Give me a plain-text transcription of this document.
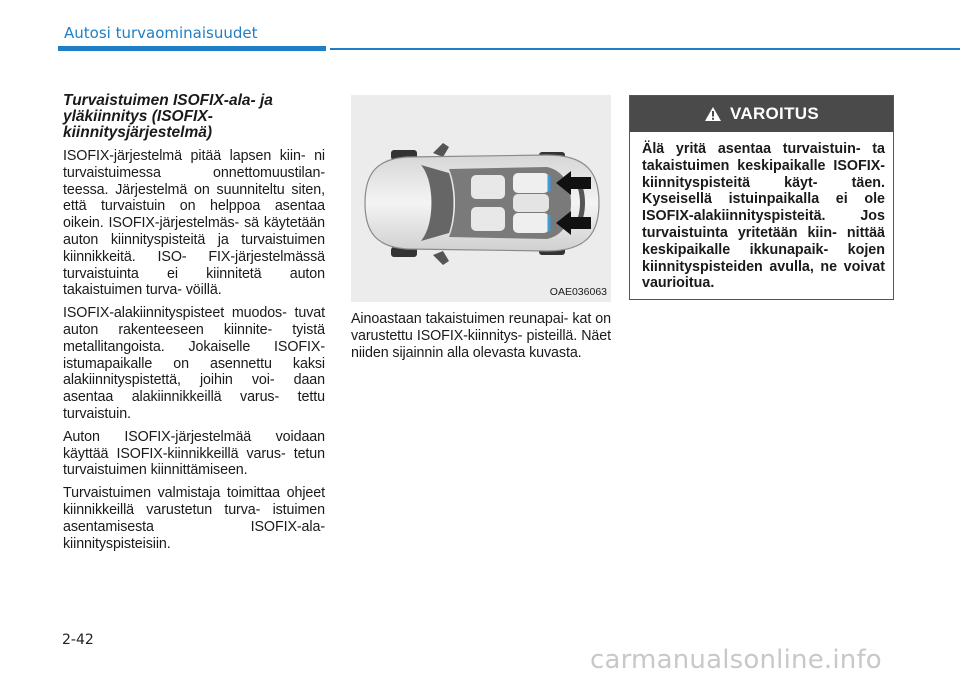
Autosi turvaominaisuudet
Turvaistuimen ISOFIX-ala- ja yläkiinnitys (ISOFIX-kiinnitysjärjestelmä)

ISOFIX-järjestelmä pitää lapsen kiin- ni turvaistuimessa onnettomuustilan- teessa. Järjestelmä on suunniteltu siten, että turvaistuin on helppoa asentaa oikein. ISOFIX-järjestelmäs- sä käytetään auton kiinnityspisteitä ja turvaistuimen kiinnikkeitä. ISO- FIX-järjestelmässä turvaistuinta ei kiinnitetä auton takaistuimen turva- vöillä.

ISOFIX-alakiinnityspisteet muodos- tuvat auton rakenteeseen kiinnite- tyistä metallitangoista. Jokaiselle ISOFIX-istumapaikalle on asennettu kaksi alakiinnityspistettä, joihin voi- daan asentaa alakiinnikkeillä varus- tettu turvaistuin.

Auton ISOFIX-järjestelmää voidaan käyttää ISOFIX-kiinnikkeillä varus- tetun turvaistuimen kiinnittämiseen.

Turvaistuimen valmistaja toimittaa ohjeet kiinnikkeillä varustetun turva- istuimen asentamisesta ISOFIX-ala- kiinnityspisteisiin.

OAE036063

Ainoastaan takaistuimen reunapai- kat on varustettu ISOFIX-kiinnitys- pisteillä. Näet niiden sijainnin alla olevasta kuvasta.

VAROITUS
Älä yritä asentaa turvaistuin- ta takaistuimen keskipaikalle ISOFIX-kiinnityspisteitä käyt- täen. Kyseisellä istuinpaikalla ei ole ISOFIX-alakiinnityspisteitä. Jos turvaistuinta yritetään kiin- nittää keskipaikalle ikkunapaik- kojen kiinnityspisteiden avulla, ne voivat vaurioitua.
2-42
carmanualsonline.info
